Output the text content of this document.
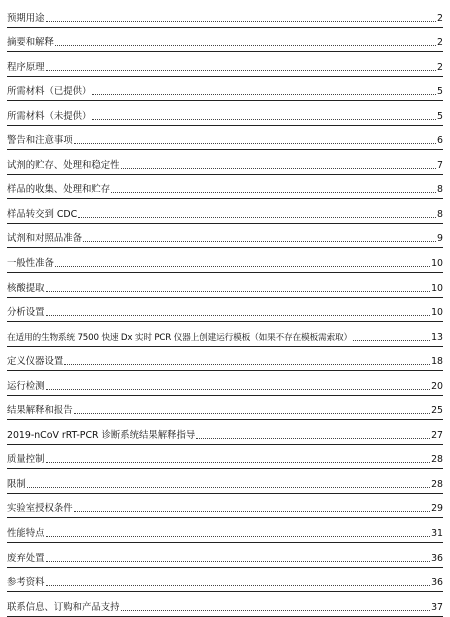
预期用途	2
摘要和解释	2
程序原理	2
所需材料（已提供）	5
所需材料（未提供）	5
警告和注意事项	6
试剂的贮存、处理和稳定性	7
样品的收集、处理和贮存	8
样品转交到 CDC	8
试剂和对照品准备	9
一般性准备	10
核酸提取	10
分析设置	10
在适用的生物系统 7500 快速 Dx 实时 PCR 仪器上创建运行模板（如果不存在模板需索取）	13
定义仪器设置	18
运行检测	20
结果解释和报告	25
2019-nCoV rRT-PCR 诊断系统结果解释指导	27
质量控制	28
限制	28
实验室授权条件	29
性能特点	31
废弃处置	36
参考资料	36
联系信息、订购和产品支持	37
